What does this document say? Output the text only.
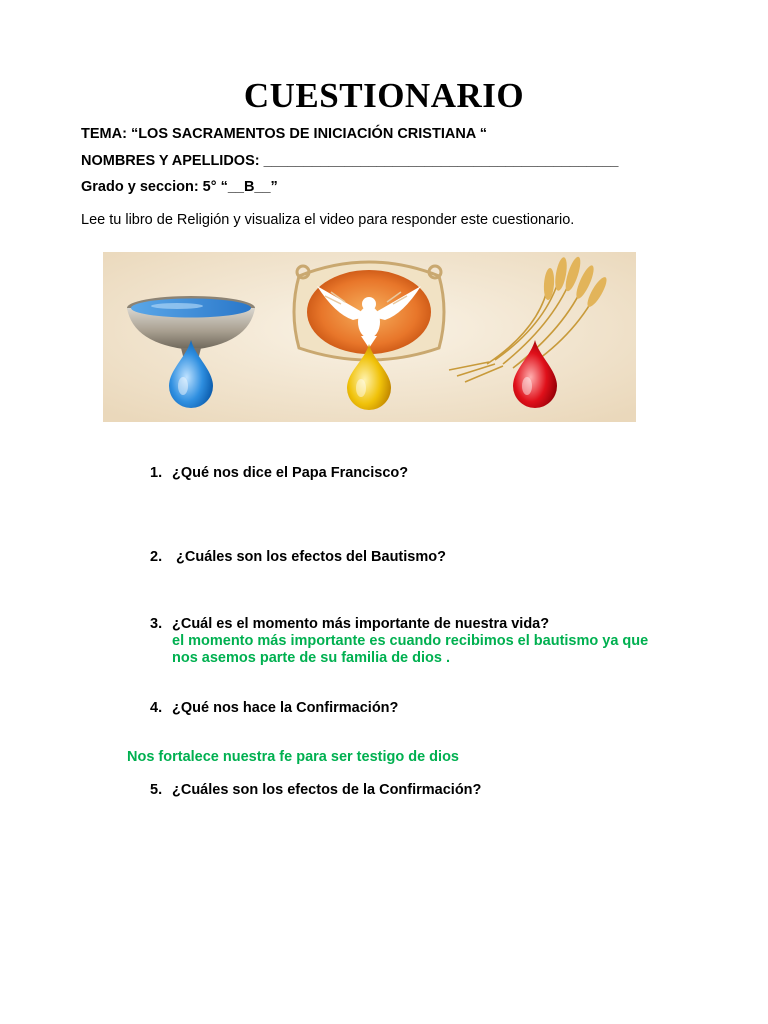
CUESTIONARIO
TEMA: “LOS SACRAMENTOS DE INICIACIÓN CRISTIANA “
NOMBRES Y APELLIDOS: ____________________________________________
Grado y seccion: 5° “__B__”
Lee tu libro de Religión y visualiza el video para responder este cuestionario.
1. ¿Qué nos dice el Papa Francisco?
2. ¿Cuáles son los efectos del Bautismo?
3. ¿Cuál es el momento más importante de nuestra vida?
el momento más importante es cuando recibimos el bautismo ya que
nos asemos parte de su familia de dios .
4. ¿Qué nos hace la Confirmación?
Nos fortalece nuestra fe para ser testigo de dios
5. ¿Cuáles son los efectos de la Confirmación?
